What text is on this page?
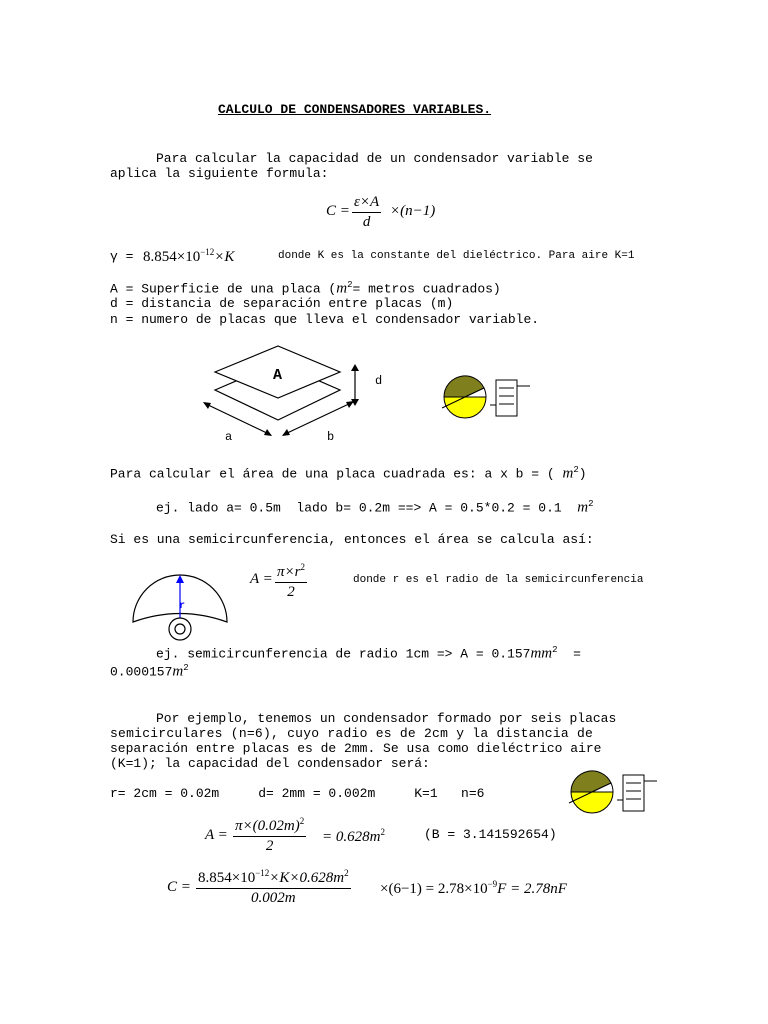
CALCULO DE CONDENSADORES VARIABLES.
Para calcular la capacidad de un condensador variable se
aplica la siguiente formula:
$C = \frac{\varepsilon\times A}{d} \times(n-1)$
$\gamma = 8.854\times 10^{-12}\times K$	donde K es la constante del dieléctrico. Para aire K=1
A = Superficie de una placa ($m^2=$ metros cuadrados)
d = distancia de separación entre placas (m)
n = numero de placas que lleva el condensador variable.
A	d
a	b
Para calcular el área de una placa cuadrada es: a x b = ( $m^2$)
ej. lado a= 0.5m  lado b= 0.2m ==> A = 0.5*0.2 = 0.1 $m^2$
Si es una semicircunferencia, entonces el área se calcula así:
r
$A = \frac{\pi\times r^2}{2}$	donde r es el radio de la semicircunferencia
ej. semicircunferencia de radio $1cm => A = 0.157mm^2$ =
$0.000157m^2$
Por ejemplo, tenemos un condensador formado por seis placas
semicirculares (n=6), cuyo radio es de 2cm y la distancia de
separación entre placas es de 2mm. Se usa como dieléctrico aire
(K=1); la capacidad del condensador será:
r= 2cm = 0.02m     d= 2mm = 0.002m     K=1   n=6
$A = \frac{\pi\times(0.02m)^2}{2} = 0.628m^2$	(B = 3.141592654)
$C = \frac{8.854\times 10^{-12}\times K\times 0.628m^2}{0.002m} \times(6-1) = 2.78\times 10^{-9}F = 2.78nF$
